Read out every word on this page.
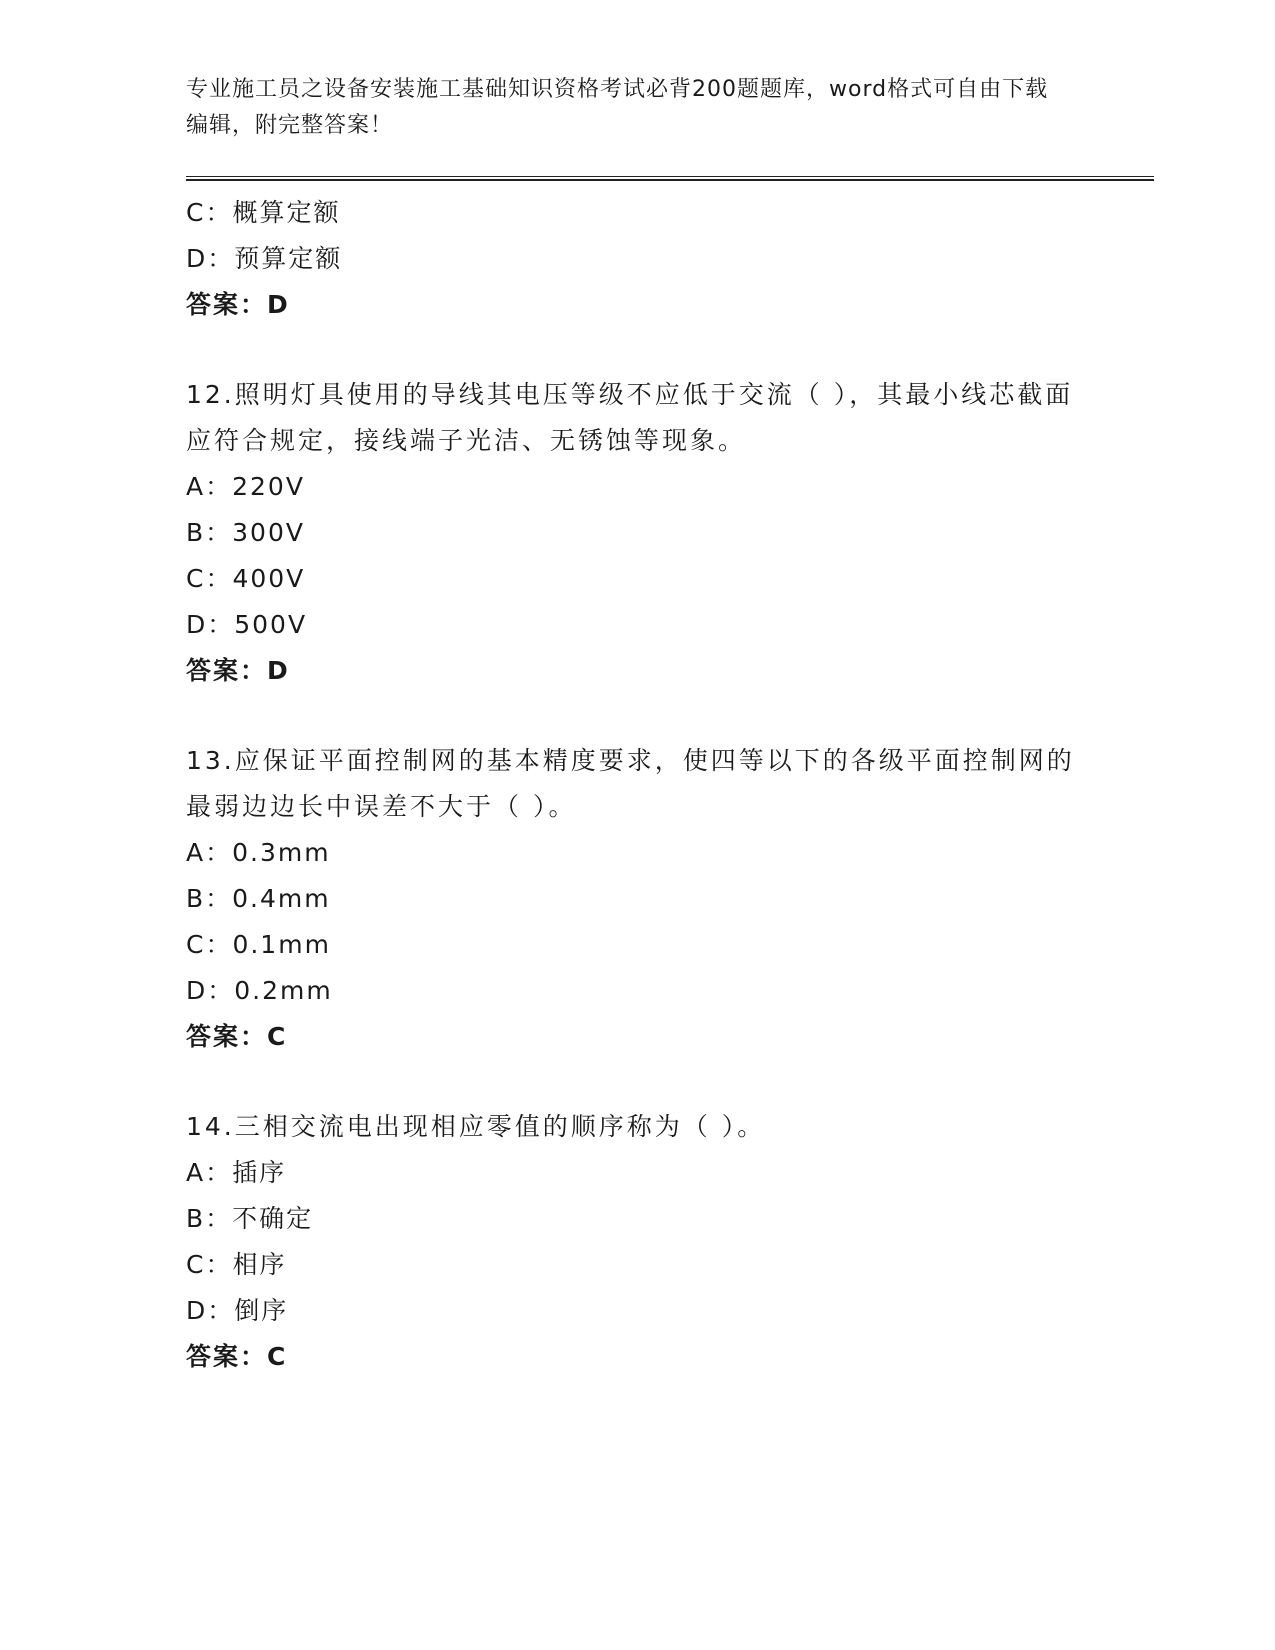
专业施工员之设备安装施工基础知识资格考试必背200题题库，word格式可自由下载编辑，附完整答案！
C：概算定额
D：预算定额
答案：D
12.照明灯具使用的导线其电压等级不应低于交流（ ），其最小线芯截面应符合规定，接线端子光洁、无锈蚀等现象。
A：220V
B：300V
C：400V
D：500V
答案：D
13.应保证平面控制网的基本精度要求，使四等以下的各级平面控制网的最弱边边长中误差不大于（ ）。
A：0.3mm
B：0.4mm
C：0.1mm
D：0.2mm
答案：C
14.三相交流电出现相应零值的顺序称为（ ）。
A：插序
B：不确定
C：相序
D：倒序
答案：C
